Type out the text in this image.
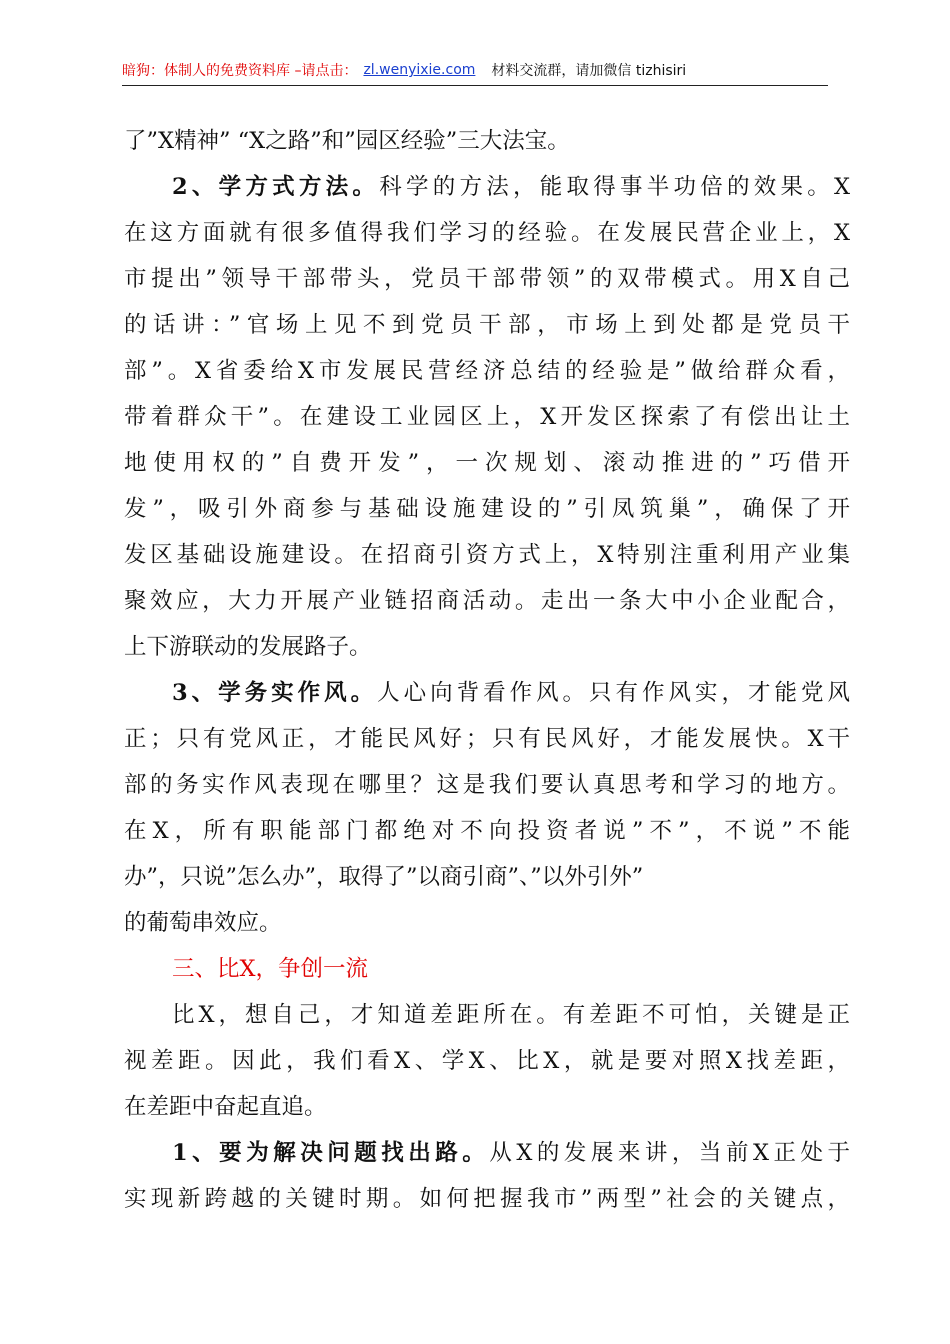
暗狗：体制人的免费资料库 –请点击： zl.wenyixie.com 材料交流群，请加微信 tizhisiri
了”X精神” “X之路”和”园区经验”三大法宝。
2、学方式方法。科学的方法，能取得事半功倍的效果。X
在这方面就有很多值得我们学习的经验。在发展民营企业上，X
市提出”领导干部带头，党员干部带领”的双带模式。用X自己
的话讲：”官场上见不到党员干部，市场上到处都是党员干
部”。X省委给X市发展民营经济总结的经验是”做给群众看，
带着群众干”。在建设工业园区上，X开发区探索了有偿出让土
地使用权的”自费开发”，一次规划、滚动推进的”巧借开
发”，吸引外商参与基础设施建设的”引凤筑巢”，确保了开
发区基础设施建设。在招商引资方式上，X特别注重利用产业集
聚效应，大力开展产业链招商活动。走出一条大中小企业配合，
上下游联动的发展路子。
3、学务实作风。人心向背看作风。只有作风实，才能党风
正；只有党风正，才能民风好；只有民风好，才能发展快。X干
部的务实作风表现在哪里？这是我们要认真思考和学习的地方。
在X，所有职能部门都绝对不向投资者说”不”，不说”不能
办”，只说”怎么办”，取得了”以商引商”、”以外引外”
的葡萄串效应。
三、比X，争创一流
比X，想自己，才知道差距所在。有差距不可怕，关键是正
视差距。因此，我们看X、学X、比X，就是要对照X找差距，
在差距中奋起直追。
1、要为解决问题找出路。从X的发展来讲，当前X正处于
实现新跨越的关键时期。如何把握我市”两型”社会的关键点，
